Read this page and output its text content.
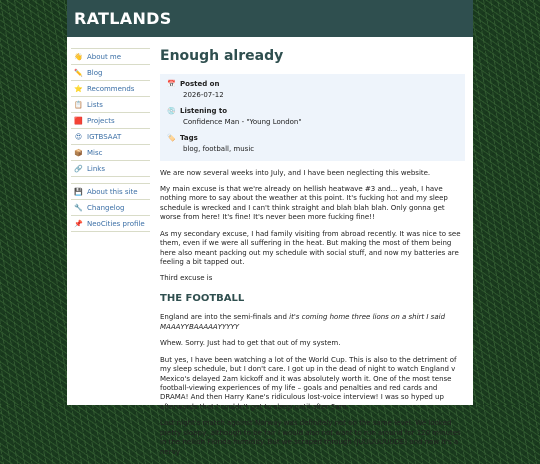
RATLANDS
👋 About me
✏️ Blog
⭐ Recommends
📋 Lists
🟥 Projects
😍 IGTBSAAT
📦 Misc
🔗 Links
💾 About this site
🔧 Changelog
📌 NeoCities profile
Enough already
📅 Posted on
2026-07-12
💿 Listening to
Confidence Man - "Young London"
🏷️ Tags
blog, football, music

We are now several weeks into July, and I have been neglecting this website.

My main excuse is that we're already on hellish heatwave #3 and... yeah, I have nothing more to say about the weather at this point. It's fucking hot and my sleep schedule is wrecked and I can't think straight and blah blah blah. Only gonna get worse from here! It's fine! It's never been more fucking fine!!

As my secondary excuse, I had family visiting from abroad recently. It was nice to see them, even if we were all suffering in the heat. But making the most of them being here also meant packing out my schedule with social stuff, and now my batteries are feeling a bit tapped out.

Third excuse is

THE FOOTBALL

England are into the semi-finals and it's coming home three lions on a shirt I said MAAAYYBAAAAAYYYYY

Whew. Sorry. Just had to get that out of my system.

But yes, I have been watching a lot of the World Cup. This is also to the detriment of my sleep schedule, but I don't care. I got up in the dead of night to watch England v Mexico's delayed 2am kickoff and it was absolutely worth it. One of the most tense football-viewing experiences of my life – goals and penalties and red cards and DRAMA! And then Harry Kane's ridiculous lost-voice interview! I was so hyped up afterwards that I couldn't get to sleep until after 5am.

Last night's match against Norway was definitely not on the same level. We looked pretty sloppy, although to be fair I would also not want to run around for 120 minutes in the hellish Florida humidity. But we scraped through (JUUUUUUUDE) and now it's a nervy
